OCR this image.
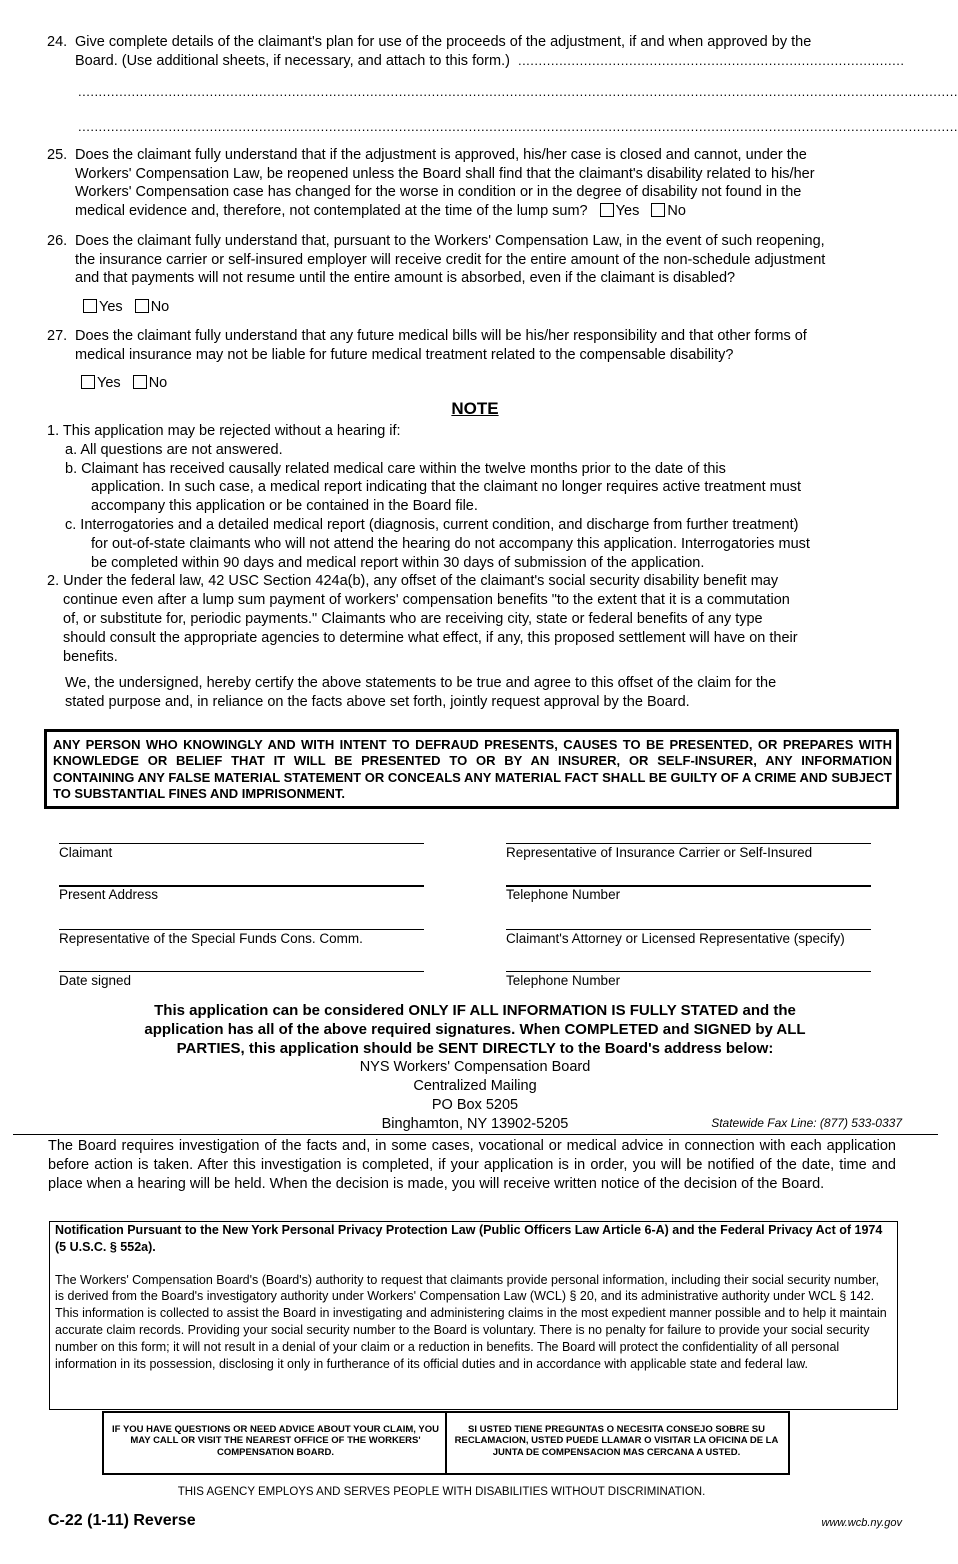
24. Give complete details of the claimant's plan for use of the proceeds of the adjustment, if and when approved by the
Board. (Use additional sheets, if necessary, and attach to this form.) ..............................................................................................
......................................................................................................................................................................................................................
......................................................................................................................................................................................................................
25. Does the claimant fully understand that if the adjustment is approved, his/her case is closed and cannot, under the
Workers' Compensation Law, be reopened unless the Board shall find that the claimant's disability related to his/her
Workers' Compensation case has changed for the worse in condition or in the degree of disability not found in the
medical evidence and, therefore, not contemplated at the time of the lump sum? Yes No
26. Does the claimant fully understand that, pursuant to the Workers' Compensation Law, in the event of such reopening,
the insurance carrier or self-insured employer will receive credit for the entire amount of the non-schedule adjustment
and that payments will not resume until the entire amount is absorbed, even if the claimant is disabled?
Yes No
27. Does the claimant fully understand that any future medical bills will be his/her responsibility and that other forms of
medical insurance may not be liable for future medical treatment related to the compensable disability?
Yes No
NOTE
1. This application may be rejected without a hearing if:
a. All questions are not answered.
b. Claimant has received causally related medical care within the twelve months prior to the date of this
application. In such case, a medical report indicating that the claimant no longer requires active treatment must
accompany this application or be contained in the Board file.
c. Interrogatories and a detailed medical report (diagnosis, current condition, and discharge from further treatment)
for out-of-state claimants who will not attend the hearing do not accompany this application. Interrogatories must
be completed within 90 days and medical report within 30 days of submission of the application.
2. Under the federal law, 42 USC Section 424a(b), any offset of the claimant's social security disability benefit may
continue even after a lump sum payment of workers' compensation benefits "to the extent that it is a commutation
of, or substitute for, periodic payments." Claimants who are receiving city, state or federal benefits of any type
should consult the appropriate agencies to determine what effect, if any, this proposed settlement will have on their
benefits.
We, the undersigned, hereby certify the above statements to be true and agree to this offset of the claim for the
stated purpose and, in reliance on the facts above set forth, jointly request approval by the Board.
ANY PERSON WHO KNOWINGLY AND WITH INTENT TO DEFRAUD PRESENTS, CAUSES TO BE PRESENTED, OR PREPARES WITH KNOWLEDGE OR BELIEF THAT IT WILL BE PRESENTED TO OR BY AN INSURER, OR SELF-INSURER, ANY INFORMATION CONTAINING ANY FALSE MATERIAL STATEMENT OR CONCEALS ANY MATERIAL FACT SHALL BE GUILTY OF A CRIME AND SUBJECT TO SUBSTANTIAL FINES AND IMPRISONMENT.
Claimant	Representative of Insurance Carrier or Self-Insured
Present Address	Telephone Number
Representative of the Special Funds Cons. Comm.	Claimant's Attorney or Licensed Representative (specify)
Date signed	Telephone Number
This application can be considered ONLY IF ALL INFORMATION IS FULLY STATED and the
application has all of the above required signatures. When COMPLETED and SIGNED by ALL
PARTIES, this application should be SENT DIRECTLY to the Board's address below:
NYS Workers' Compensation Board
Centralized Mailing
PO Box 5205
Binghamton, NY 13902-5205	Statewide Fax Line: (877) 533-0337
The Board requires investigation of the facts and, in some cases, vocational or medical advice in connection with each application before action is taken. After this investigation is completed, if your application is in order, you will be notified of the date, time and place when a hearing will be held. When the decision is made, you will receive written notice of the decision of the Board.
Notification Pursuant to the New York Personal Privacy Protection Law (Public Officers Law Article 6-A) and the Federal Privacy Act of 1974 (5 U.S.C. § 552a).
The Workers' Compensation Board's (Board's) authority to request that claimants provide personal information, including their social security number, is derived from the Board's investigatory authority under Workers' Compensation Law (WCL) § 20, and its administrative authority under WCL § 142. This information is collected to assist the Board in investigating and administering claims in the most expedient manner possible and to help it maintain accurate claim records. Providing your social security number to the Board is voluntary. There is no penalty for failure to provide your social security number on this form; it will not result in a denial of your claim or a reduction in benefits. The Board will protect the confidentiality of all personal information in its possession, disclosing it only in furtherance of its official duties and in accordance with applicable state and federal law.
IF YOU HAVE QUESTIONS OR NEED ADVICE ABOUT YOUR CLAIM, YOU MAY CALL OR VISIT THE NEAREST OFFICE OF THE WORKERS' COMPENSATION BOARD.
SI USTED TIENE PREGUNTAS O NECESITA CONSEJO SOBRE SU RECLAMACION, USTED PUEDE LLAMAR O VISITAR LA OFICINA DE LA JUNTA DE COMPENSACION MAS CERCANA A USTED.
THIS AGENCY EMPLOYS AND SERVES PEOPLE WITH DISABILITIES WITHOUT DISCRIMINATION.
C-22 (1-11) Reverse	www.wcb.ny.gov
